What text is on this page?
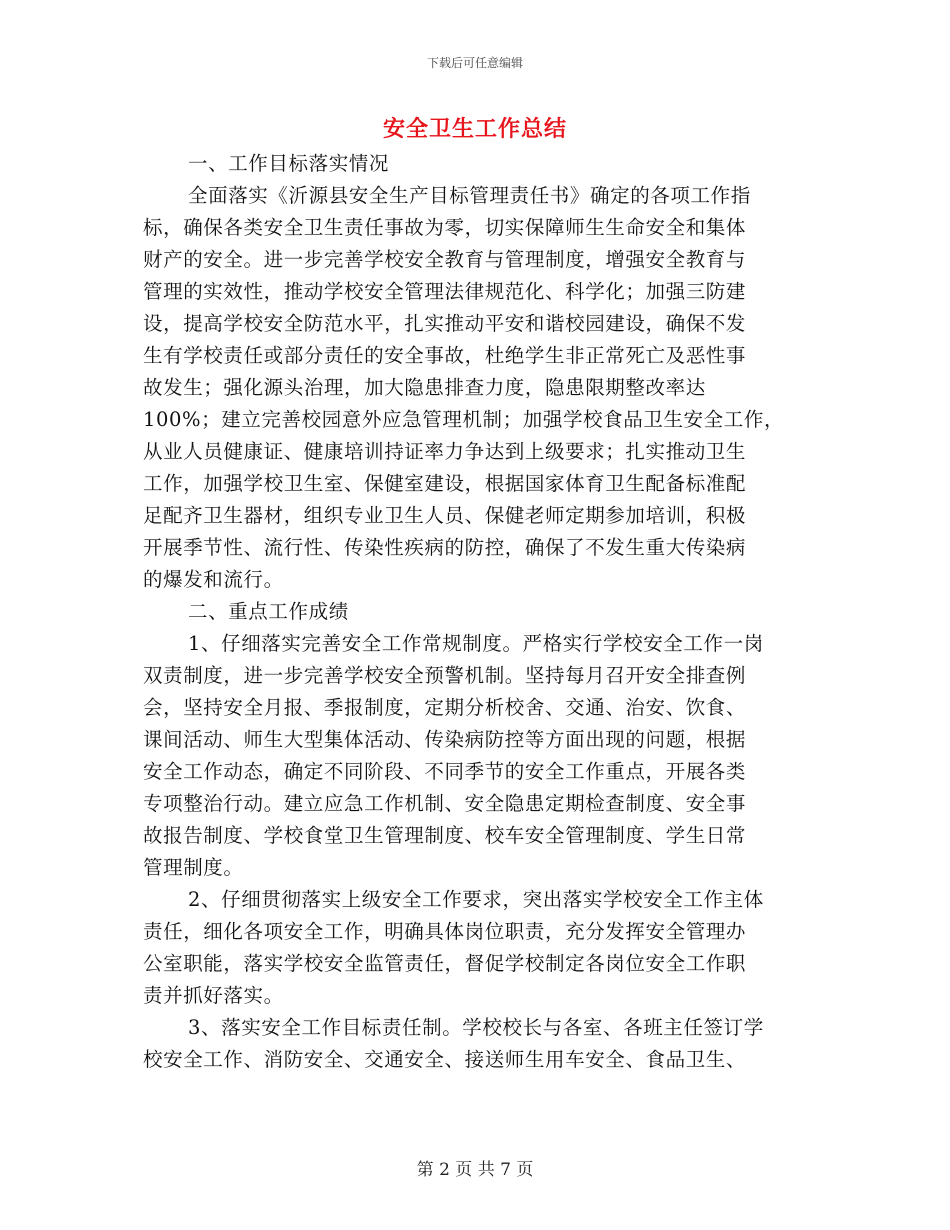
下载后可任意编辑
安全卫生工作总结
一、工作目标落实情况
全面落实《沂源县安全生产目标管理责任书》确定的各项工作指
标，确保各类安全卫生责任事故为零，切实保障师生生命安全和集体
财产的安全。进一步完善学校安全教育与管理制度，增强安全教育与
管理的实效性，推动学校安全管理法律规范化、科学化；加强三防建
设，提高学校安全防范水平，扎实推动平安和谐校园建设，确保不发
生有学校责任或部分责任的安全事故，杜绝学生非正常死亡及恶性事
故发生；强化源头治理，加大隐患排查力度，隐患限期整改率达
100%；建立完善校园意外应急管理机制；加强学校食品卫生安全工作，
从业人员健康证、健康培训持证率力争达到上级要求；扎实推动卫生
工作，加强学校卫生室、保健室建设，根据国家体育卫生配备标准配
足配齐卫生器材，组织专业卫生人员、保健老师定期参加培训，积极
开展季节性、流行性、传染性疾病的防控，确保了不发生重大传染病
的爆发和流行。
二、重点工作成绩
1、仔细落实完善安全工作常规制度。严格实行学校安全工作一岗
双责制度，进一步完善学校安全预警机制。坚持每月召开安全排查例
会，坚持安全月报、季报制度，定期分析校舍、交通、治安、饮食、
课间活动、师生大型集体活动、传染病防控等方面出现的问题，根据
安全工作动态，确定不同阶段、不同季节的安全工作重点，开展各类
专项整治行动。建立应急工作机制、安全隐患定期检查制度、安全事
故报告制度、学校食堂卫生管理制度、校车安全管理制度、学生日常
管理制度。
2、仔细贯彻落实上级安全工作要求，突出落实学校安全工作主体
责任，细化各项安全工作，明确具体岗位职责，充分发挥安全管理办
公室职能，落实学校安全监管责任，督促学校制定各岗位安全工作职
责并抓好落实。
3、落实安全工作目标责任制。学校校长与各室、各班主任签订学
校安全工作、消防安全、交通安全、接送师生用车安全、食品卫生、
第 2 页 共 7 页
